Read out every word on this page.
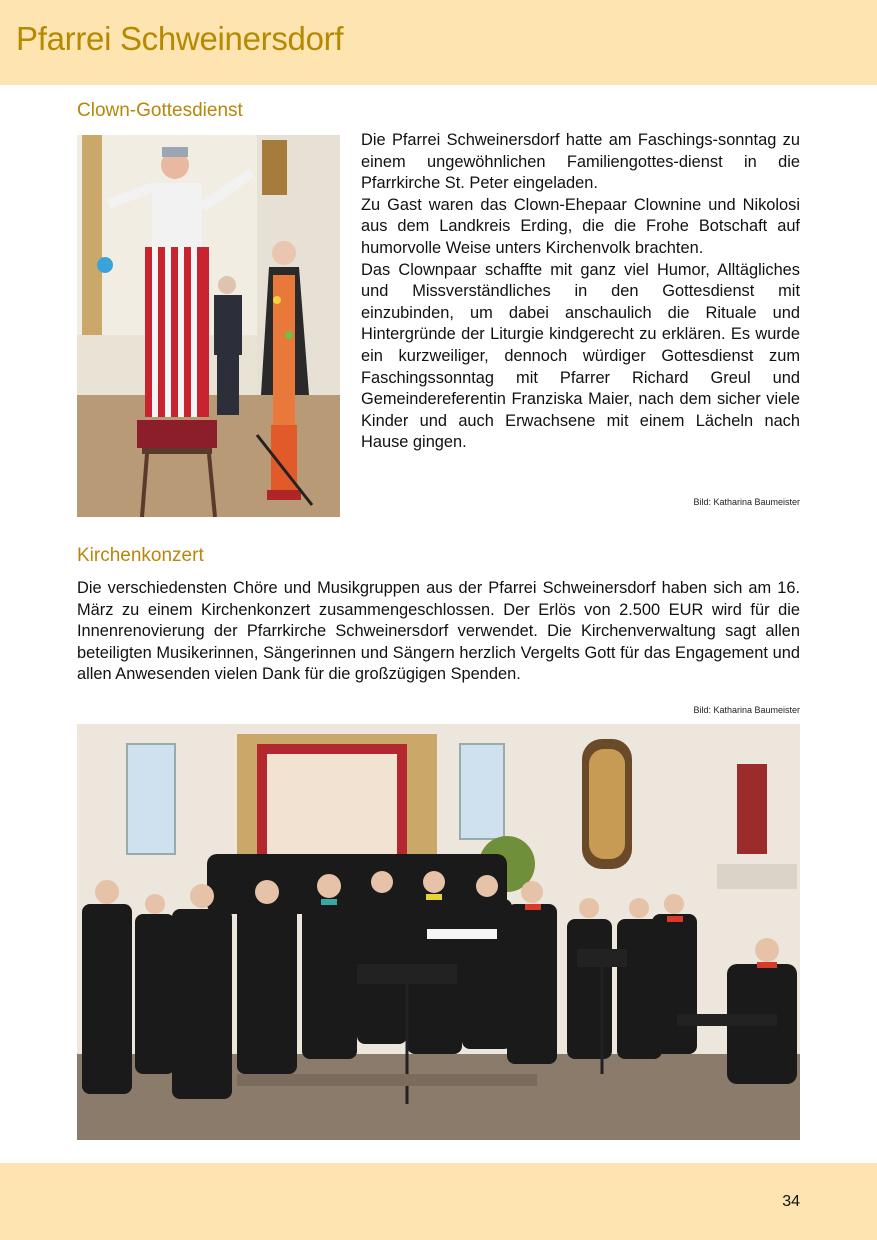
Pfarrei Schweinersdorf
Clown-Gottesdienst

Die Pfarrei Schweinersdorf hatte am Faschings-sonntag zu einem ungewöhnlichen Familiengottes-dienst in die Pfarrkirche St. Peter eingeladen.

Zu Gast waren das Clown-Ehepaar Clownine und Nikolosi aus dem Landkreis Erding, die die Frohe Botschaft auf humorvolle Weise unters Kirchenvolk brachten.

Das Clownpaar schaffte mit ganz viel Humor, Alltägliches und Missverständliches in den Gottesdienst mit einzubinden, um dabei anschaulich die Rituale und Hintergründe der Liturgie kindgerecht zu erklären. Es wurde ein kurzweiliger, dennoch würdiger Gottesdienst zum Faschingssonntag mit Pfarrer Richard Greul und Gemeindereferentin Franziska Maier, nach dem sicher viele Kinder und auch Erwachsene mit einem Lächeln nach Hause gingen.

Bild: Katharina Baumeister

Kirchenkonzert

Die verschiedensten Chöre und Musikgruppen aus der Pfarrei Schweinersdorf haben sich am 16. März zu einem Kirchenkonzert zusammengeschlossen. Der Erlös von 2.500 EUR wird für die Innenrenovierung der Pfarrkirche Schweinersdorf verwendet. Die Kirchenverwaltung sagt allen beteiligten Musikerinnen, Sängerinnen und Sängern herzlich Vergelts Gott für das Engagement und allen Anwesenden vielen Dank für die großzügigen Spenden.

Bild: Katharina Baumeister

34
